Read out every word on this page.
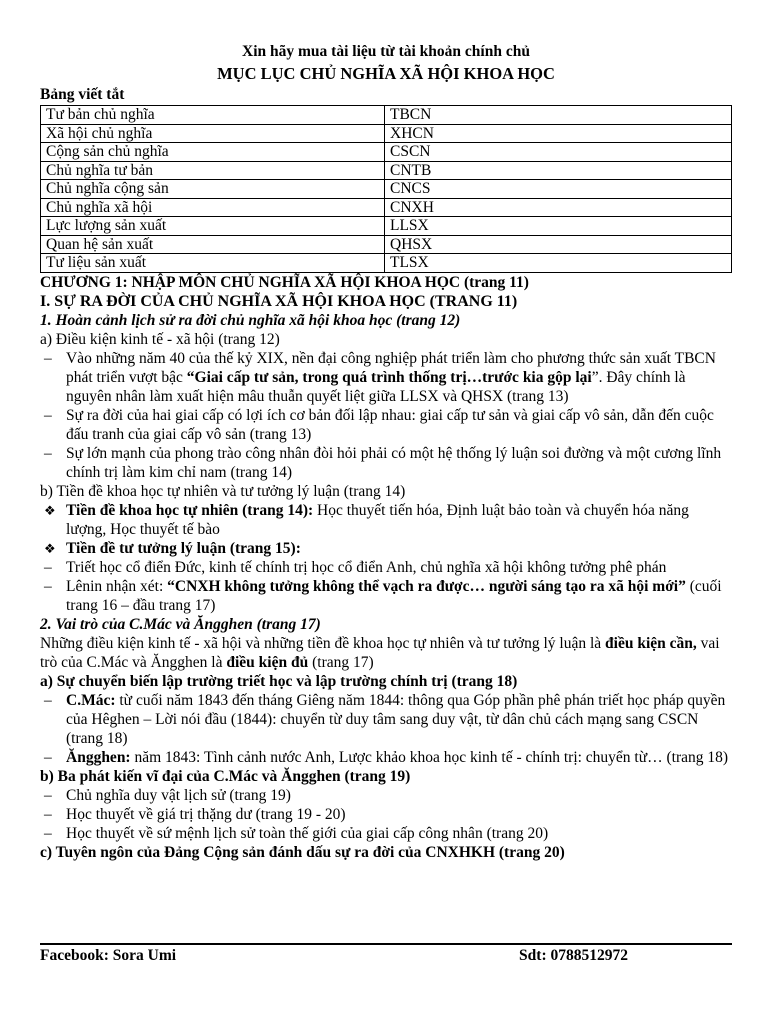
Xin hãy mua tài liệu từ tài khoản chính chủ
MỤC LỤC CHỦ NGHĨA XÃ HỘI KHOA HỌC
Bảng viết tắt
Tư bản chủ nghĩa	TBCN
Xã hội chủ nghĩa	XHCN
Cộng sản chủ nghĩa	CSCN
Chủ nghĩa tư bản	CNTB
Chủ nghĩa cộng sản	CNCS
Chủ nghĩa xã hội	CNXH
Lực lượng sản xuất	LLSX
Quan hệ sản xuất	QHSX
Tư liệu sản xuất	TLSX
CHƯƠNG 1: NHẬP MÔN CHỦ NGHĨA XÃ HỘI KHOA HỌC (trang 11)
I. SỰ RA ĐỜI CỦA CHỦ NGHĨA XÃ HỘI KHOA HỌC (TRANG 11)
1. Hoàn cảnh lịch sử ra đời chủ nghĩa xã hội khoa học (trang 12)
a) Điều kiện kinh tế - xã hội (trang 12)
– Vào những năm 40 của thế kỷ XIX, nền đại công nghiệp phát triển làm cho phương thức sản xuất TBCN phát triển vượt bậc “Giai cấp tư sản, trong quá trình thống trị…trước kia gộp lại”. Đây chính là nguyên nhân làm xuất hiện mâu thuẫn quyết liệt giữa LLSX và QHSX (trang 13)
– Sự ra đời của hai giai cấp có lợi ích cơ bản đối lập nhau: giai cấp tư sản và giai cấp vô sản, dẫn đến cuộc đấu tranh của giai cấp vô sản (trang 13)
– Sự lớn mạnh của phong trào công nhân đòi hỏi phải có một hệ thống lý luận soi đường và một cương lĩnh chính trị làm kim chỉ nam (trang 14)
b) Tiền đề khoa học tự nhiên và tư tưởng lý luận (trang 14)
❖ Tiền đề khoa học tự nhiên (trang 14): Học thuyết tiến hóa, Định luật bảo toàn và chuyển hóa năng lượng, Học thuyết tế bào
❖ Tiền đề tư tưởng lý luận (trang 15):
– Triết học cổ điển Đức, kinh tế chính trị học cổ điển Anh, chủ nghĩa xã hội không tưởng phê phán
– Lênin nhận xét: “CNXH không tưởng không thể vạch ra được… người sáng tạo ra xã hội mới” (cuối trang 16 – đầu trang 17)
2. Vai trò của C.Mác và Ăngghen (trang 17)
Những điều kiện kinh tế - xã hội và những tiền đề khoa học tự nhiên và tư tưởng lý luận là điều kiện cần, vai trò của C.Mác và Ăngghen là điều kiện đủ (trang 17)
a) Sự chuyển biến lập trường triết học và lập trường chính trị (trang 18)
– C.Mác: từ cuối năm 1843 đến tháng Giêng năm 1844: thông qua Góp phần phê phán triết học pháp quyền của Hêghen – Lời nói đầu (1844): chuyển từ duy tâm sang duy vật, từ dân chủ cách mạng sang CSCN (trang 18)
– Ăngghen: năm 1843: Tình cảnh nước Anh, Lược khảo khoa học kinh tế - chính trị: chuyển từ… (trang 18)
b) Ba phát kiến vĩ đại của C.Mác và Ăngghen (trang 19)
– Chủ nghĩa duy vật lịch sử (trang 19)
– Học thuyết về giá trị thặng dư (trang 19 - 20)
– Học thuyết về sứ mệnh lịch sử toàn thế giới của giai cấp công nhân (trang 20)
c) Tuyên ngôn của Đảng Cộng sản đánh dấu sự ra đời của CNXHKH (trang 20)
Facebook: Sora Umi	Sdt: 0788512972
